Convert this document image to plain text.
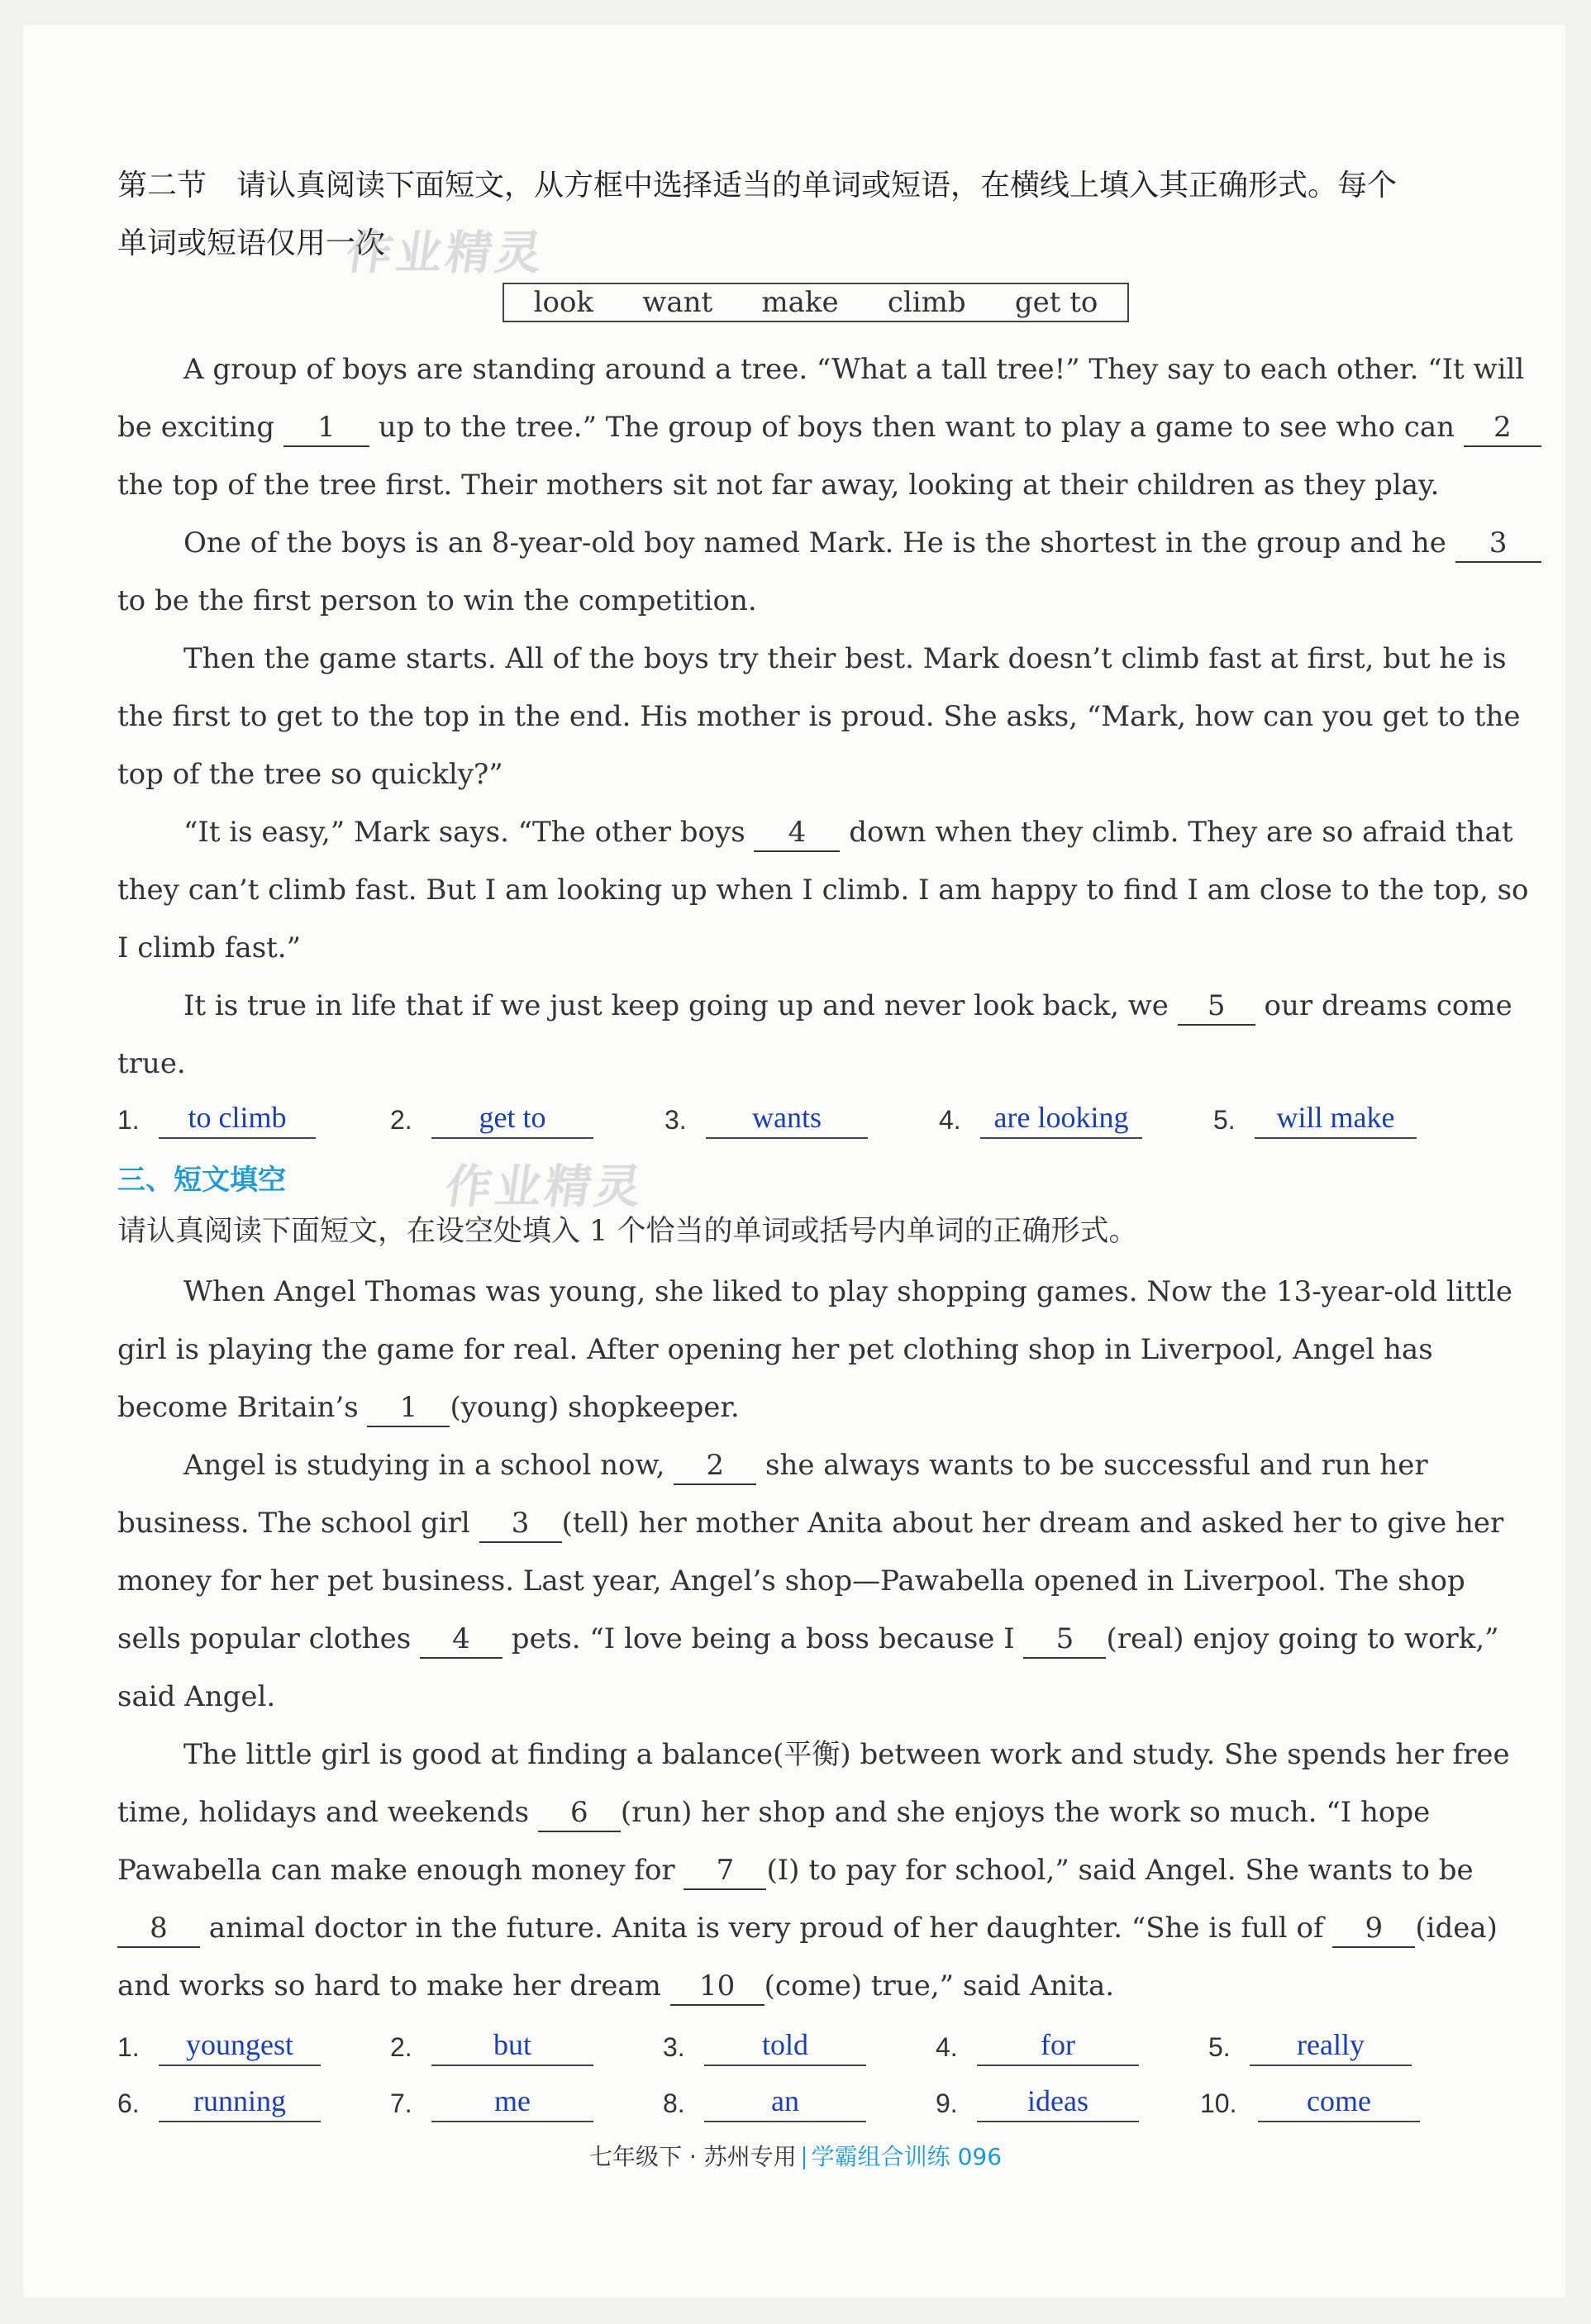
第二节　请认真阅读下面短文，从方框中选择适当的单词或短语，在横线上填入其正确形式。每个
单词或短语仅用一次
作业精灵
look want make climb get to
A group of boys are standing around a tree. “What a tall tree!” They say to each other. “It will
be exciting 1 up to the tree.” The group of boys then want to play a game to see who can 2
the top of the tree first. Their mothers sit not far away, looking at their children as they play.
One of the boys is an 8-year-old boy named Mark. He is the shortest in the group and he 3
to be the first person to win the competition.
Then the game starts. All of the boys try their best. Mark doesn’t climb fast at first, but he is
the first to get to the top in the end. His mother is proud. She asks, “Mark, how can you get to the
top of the tree so quickly?”
“It is easy,” Mark says. “The other boys 4 down when they climb. They are so afraid that
they can’t climb fast. But I am looking up when I climb. I am happy to find I am close to the top, so
I climb fast.”
It is true in life that if we just keep going up and never look back, we 5 our dreams come
true.
1.	to climb	2.	get to	3.	wants	4.	are looking	5.	will make
三、短文填空	作业精灵
请认真阅读下面短文，在设空处填入 1 个恰当的单词或括号内单词的正确形式。
When Angel Thomas was young, she liked to play shopping games. Now the 13-year-old little
girl is playing the game for real. After opening her pet clothing shop in Liverpool, Angel has
become Britain’s 1 (young) shopkeeper.
Angel is studying in a school now, 2 she always wants to be successful and run her
business. The school girl 3 (tell) her mother Anita about her dream and asked her to give her
money for her pet business. Last year, Angel’s shop—Pawabella opened in Liverpool. The shop
sells popular clothes 4 pets. “I love being a boss because I 5 (real) enjoy going to work,”
said Angel.
The little girl is good at finding a balance(平衡) between work and study. She spends her free
time, holidays and weekends 6 (run) her shop and she enjoys the work so much. “I hope
Pawabella can make enough money for 7 (I) to pay for school,” said Angel. She wants to be
8 animal doctor in the future. Anita is very proud of her daughter. “She is full of 9 (idea)
and works so hard to make her dream 10 (come) true,” said Anita.
1.	youngest	2.	but	3.	told	4.	for	5.	really
6.	running	7.	me	8.	an	9.	ideas	10.	come
七年级下 · 苏州专用 学霸组合训练 096
